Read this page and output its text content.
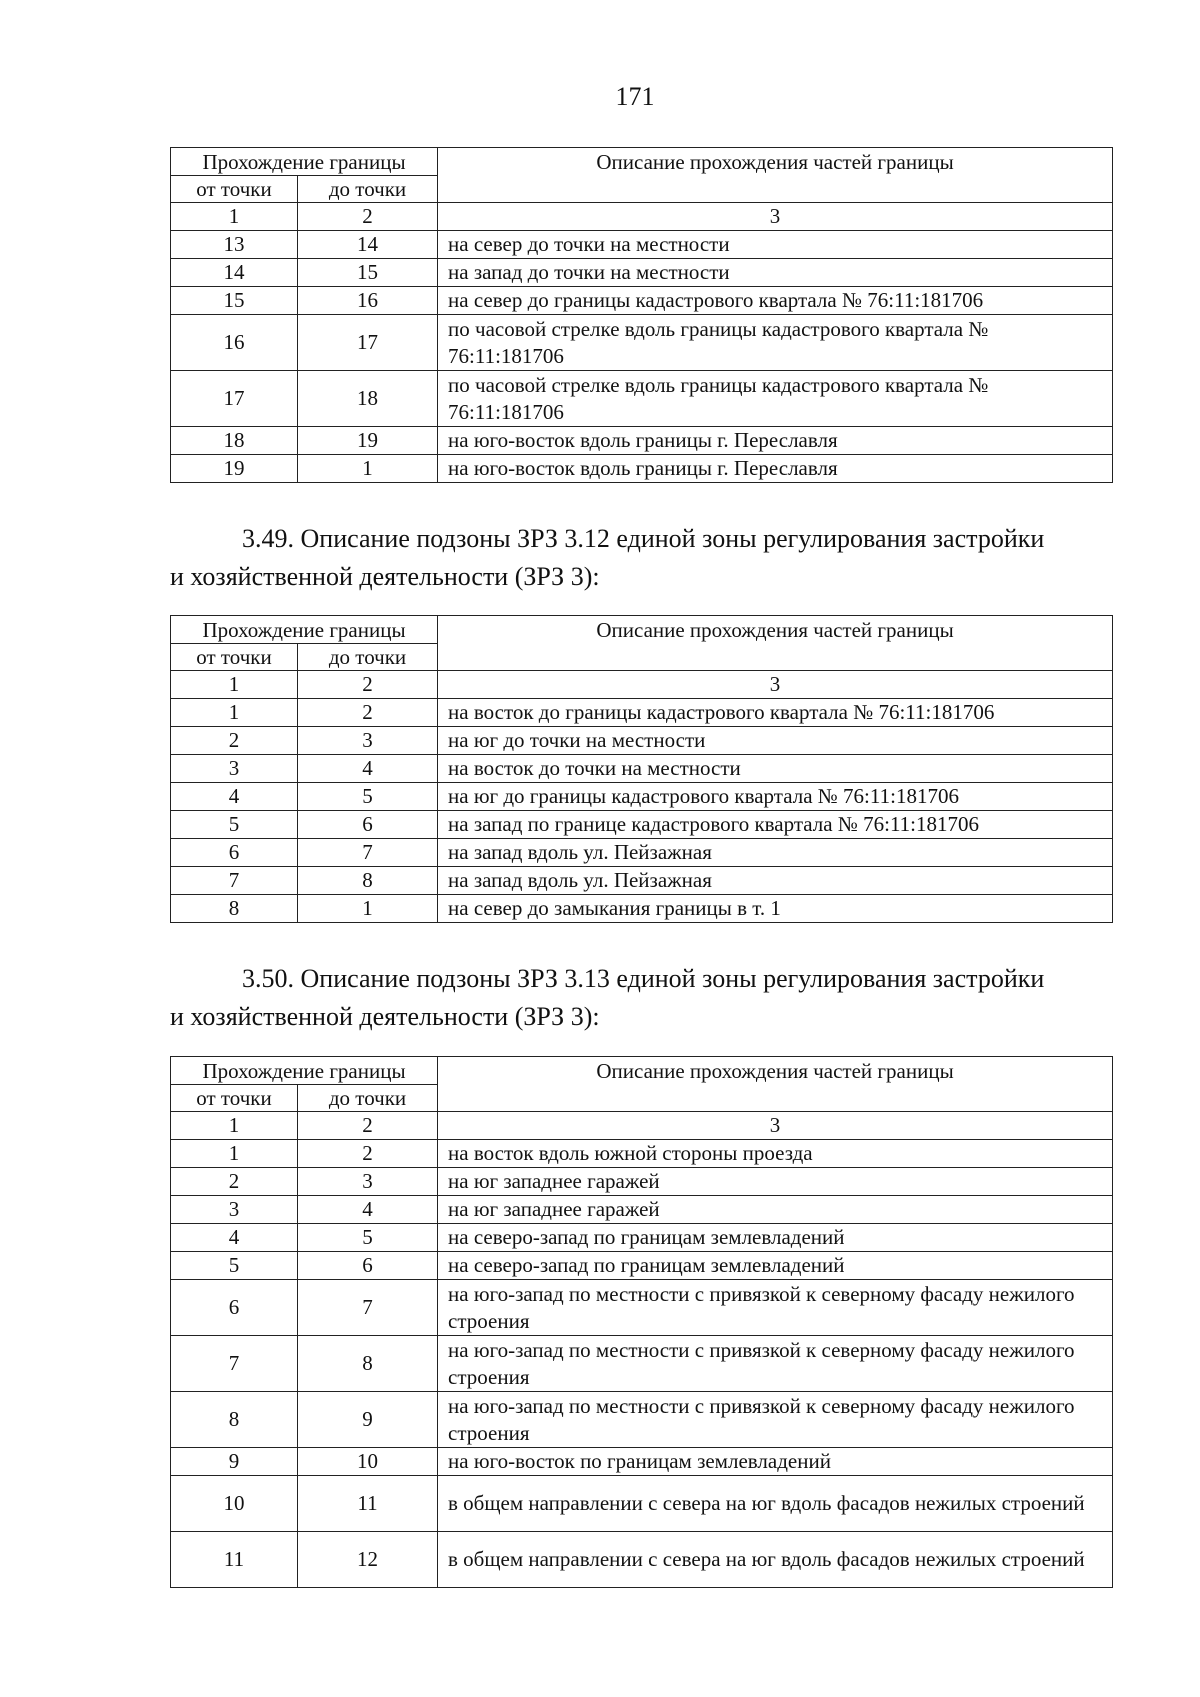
171
Прохождение границы		Описание прохождения частей границы
от точки	до точки	
1	2	3
13	14	на север до точки на местности
14	15	на запад до точки на местности
15	16	на север до границы кадастрового квартала № 76:11:181706
16	17	по часовой стрелке вдоль границы кадастрового квартала № 76:11:181706
17	18	по часовой стрелке вдоль границы кадастрового квартала № 76:11:181706
18	19	на юго-восток вдоль границы г. Переславля
19	1	на юго-восток вдоль границы г. Переславля
3.49. Описание подзоны ЗРЗ 3.12 единой зоны регулирования застройки
и хозяйственной деятельности (ЗРЗ 3):
Прохождение границы		Описание прохождения частей границы
от точки	до точки	
1	2	3
1	2	на восток до границы кадастрового квартала № 76:11:181706
2	3	на юг до точки на местности
3	4	на восток до точки на местности
4	5	на юг до границы кадастрового квартала № 76:11:181706
5	6	на запад по границе кадастрового квартала № 76:11:181706
6	7	на запад вдоль ул. Пейзажная
7	8	на запад вдоль ул. Пейзажная
8	1	на север до замыкания границы в т. 1
3.50. Описание подзоны ЗРЗ 3.13 единой зоны регулирования застройки
и хозяйственной деятельности (ЗРЗ 3):
Прохождение границы		Описание прохождения частей границы
от точки	до точки	
1	2	3
1	2	на восток вдоль южной стороны проезда
2	3	на юг западнее гаражей
3	4	на юг западнее гаражей
4	5	на северо-запад по границам землевладений
5	6	на северо-запад по границам землевладений
6	7	на юго-запад по местности с привязкой к северному фасаду нежилого строения
7	8	на юго-запад по местности с привязкой к северному фасаду нежилого строения
8	9	на юго-запад по местности с привязкой к северному фасаду нежилого строения
9	10	на юго-восток по границам землевладений
10	11	в общем направлении с севера на юг вдоль фасадов нежилых строений
11	12	в общем направлении с севера на юг вдоль фасадов нежилых строений
